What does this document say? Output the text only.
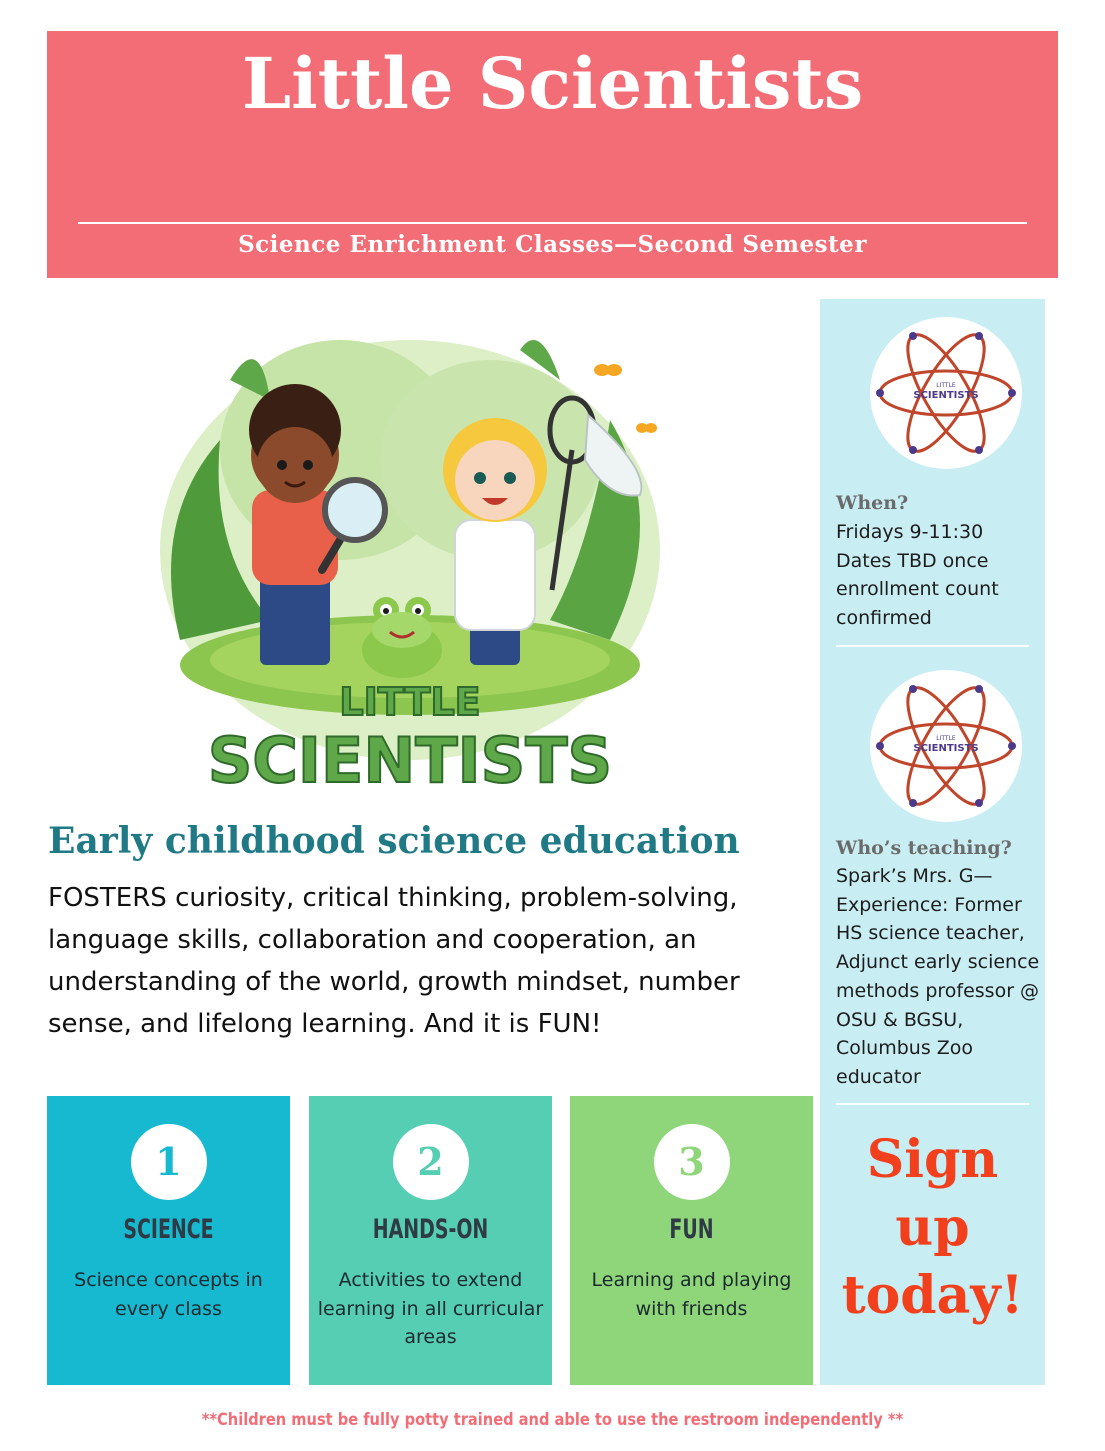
Little Scientists
Science Enrichment Classes—Second Semester
LITTLE
SCIENTISTS
Early childhood science education
FOSTERS curiosity, critical thinking, problem-solving, language skills, collaboration and cooperation, an understanding of the world, growth mindset, number sense, and lifelong learning. And it is FUN!
LITTLE
SCIENTISTS
When?
Fridays 9-11:30 Dates TBD once enrollment count confirmed
LITTLE
SCIENTISTS
Who’s teaching?
Spark’s Mrs. G— Experience: Former HS science teacher, Adjunct early science methods professor @ OSU & BGSU, Columbus Zoo educator
Sign
up
today!
1
SCIENCE
Science concepts in every class
2
HANDS-ON
Activities to extend learning in all curricular areas
3
FUN
Learning and playing with friends
**Children must be fully potty trained and able to use the restroom independently **
